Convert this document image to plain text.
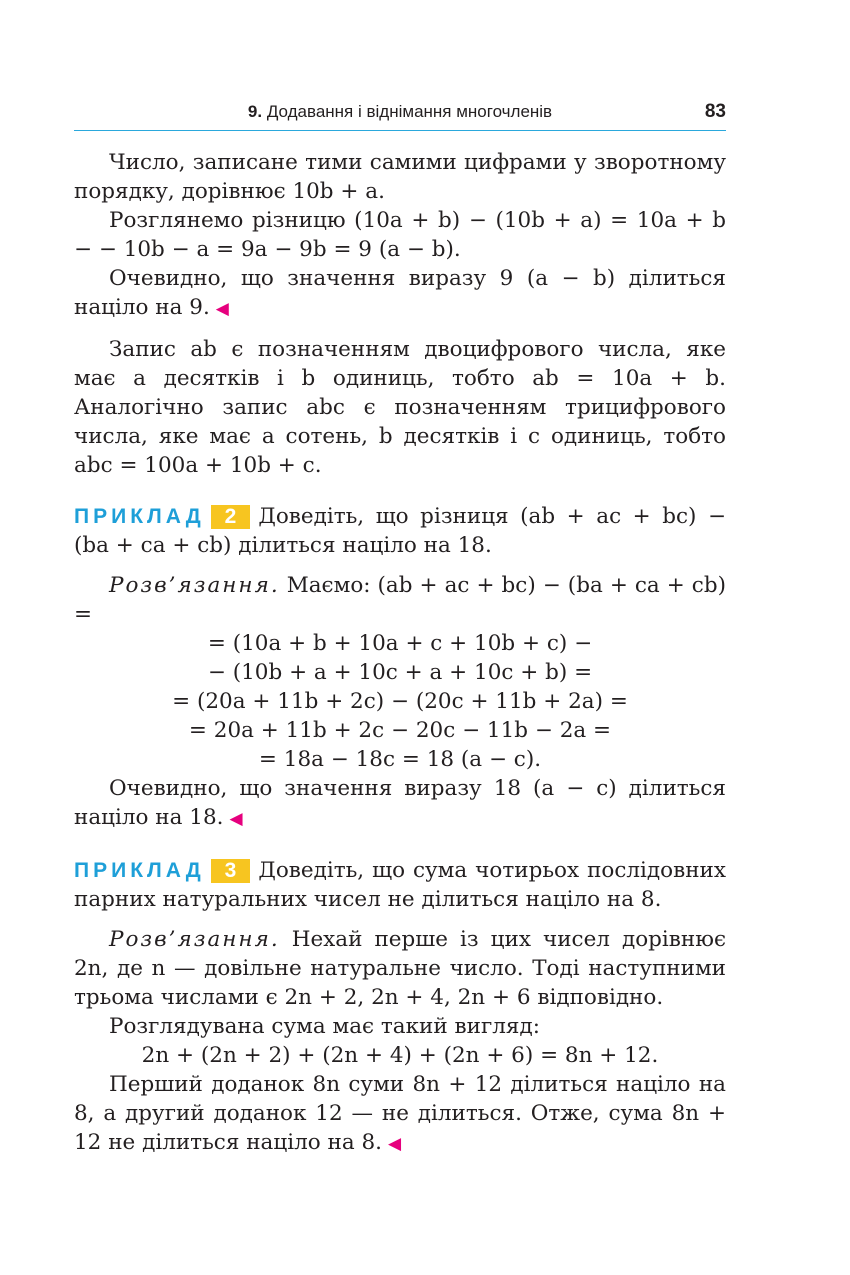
9. Додавання і віднімання многочленів	83

Число, записане тими самими цифрами у зворотному порядку, дорівнює 10b + a.

Розглянемо різницю (10a + b) − (10b + a) = 10a + b − − 10b − a = 9a − 9b = 9 (a − b).

Очевидно, що значення виразу 9 (a − b) ділиться націло на 9. ◀

Запис ab є позначенням двоцифрового числа, яке має a десятків і b одиниць, тобто ab = 10a + b. Аналогічно запис abc є позначенням трицифрового числа, яке має a сотень, b десятків і c одиниць, тобто abc = 100a + 10b + c.

ПРИКЛАД 2 Доведіть, що різниця (ab + ac + bc) − (ba + ca + cb) ділиться націло на 18.

Розв’язання. Маємо: (ab + ac + bc) − (ba + ca + cb) =

= (10a + b + 10a + c + 10b + c) −

− (10b + a + 10c + a + 10c + b) =

= (20a + 11b + 2c) − (20c + 11b + 2a) =

= 20a + 11b + 2c − 20c − 11b − 2a =

= 18a − 18c = 18 (a − c).

Очевидно, що значення виразу 18 (a − c) ділиться націло на 18. ◀

ПРИКЛАД 3 Доведіть, що сума чотирьох послідовних парних натуральних чисел не ділиться націло на 8.

Розв’язання. Нехай перше із цих чисел дорівнює 2n, де n — довільне натуральне число. Тоді наступними трьома числами є 2n + 2, 2n + 4, 2n + 6 відповідно.

Розглядувана сума має такий вигляд:

2n + (2n + 2) + (2n + 4) + (2n + 6) = 8n + 12.

Перший доданок 8n суми 8n + 12 ділиться націло на 8, а другий доданок 12 — не ділиться. Отже, сума 8n + 12 не ділиться націло на 8. ◀
